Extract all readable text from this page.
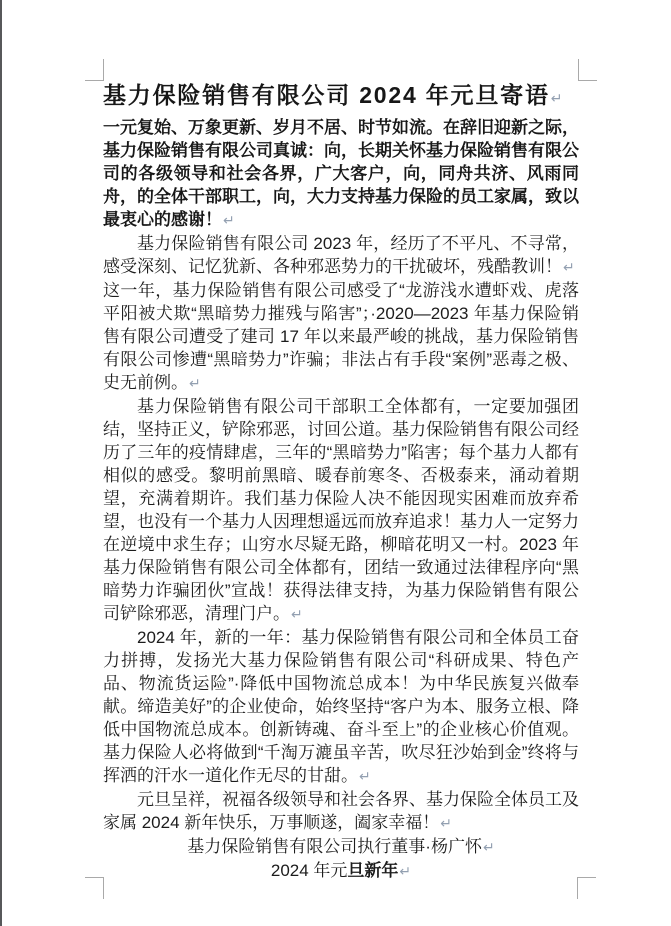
基力保险销售有限公司 2024 年元旦寄语↵

一元复始、万象更新、岁月不居、时节如流。在辞旧迎新之际，基力保险销售有限公司真诚：向，长期关怀基力保险销售有限公司的各级领导和社会各界，广大客户，向，同舟共济、风雨同舟，的全体干部职工，向，大力支持基力保险的员工家属，致以最衷心的感谢！↵

基力保险销售有限公司 2023 年，经历了不平凡、不寻常，感受深刻、记忆犹新、各种邪恶势力的干扰破坏，残酷教训！↵
这一年，基力保险销售有限公司感受了“龙游浅水遭虾戏、虎落平阳被犬欺“黑暗势力摧残与陷害”；·2020—2023 年基力保险销售有限公司遭受了建司 17 年以来最严峻的挑战，基力保险销售有限公司惨遭“黑暗势力”诈骗；非法占有手段“案例”恶毒之极、史无前例。↵

基力保险销售有限公司干部职工全体都有，一定要加强团结，坚持正义，铲除邪恶，讨回公道。基力保险销售有限公司经历了三年的疫情肆虐，三年的“黑暗势力”陷害；每个基力人都有相似的感受。黎明前黑暗、暖春前寒冬、否极泰来，涌动着期望，充满着期许。我们基力保险人决不能因现实困难而放弃希望，也没有一个基力人因理想遥远而放弃追求！基力人一定努力在逆境中求生存；山穷水尽疑无路，柳暗花明又一村。2023 年基力保险销售有限公司全体都有，团结一致通过法律程序向“黑暗势力诈骗团伙”宣战！获得法律支持，为基力保险销售有限公司铲除邪恶，清理门户。↵

2024 年，新的一年：基力保险销售有限公司和全体员工奋力拼搏，发扬光大基力保险销售有限公司“科研成果、特色产品、物流货运险”·降低中国物流总成本！为中华民族复兴做奉献。缔造美好”的企业使命，始终坚持“客户为本、服务立根、降低中国物流总成本。创新铸魂、奋斗至上”的企业核心价值观。基力保险人必将做到“千淘万漉虽辛苦，吹尽狂沙始到金”终将与挥洒的汗水一道化作无尽的甘甜。↵

元旦呈祥，祝福各级领导和社会各界、基力保险全体员工及家属 2024 新年快乐，万事顺遂，阖家幸福！↵

基力保险销售有限公司执行董事·杨广怀↵

2024 年元旦新年↵
